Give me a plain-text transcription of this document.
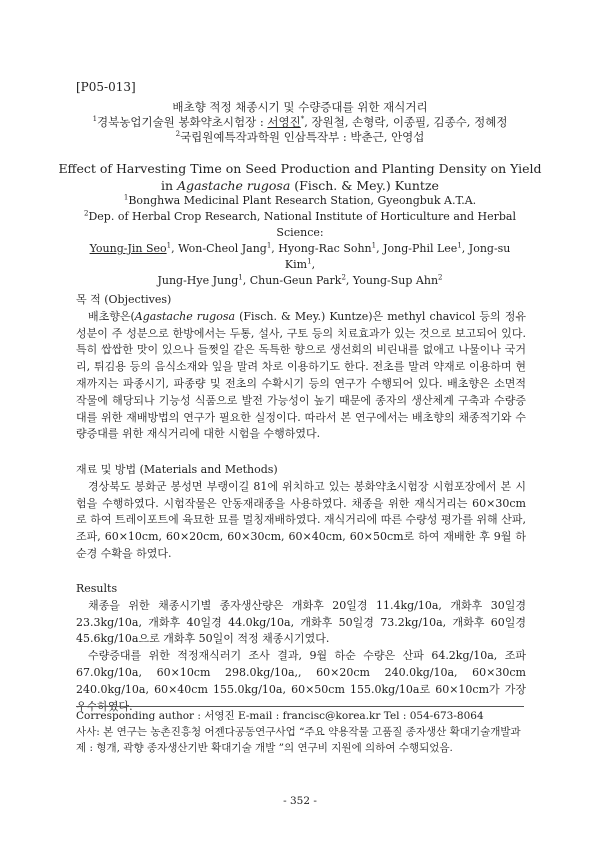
[P05-013]
배초향 적정 채종시기 및 수량증대를 위한 재식거리
$^1$경북농업기술원 봉화약초시험장 : 서영진*, 장원철, 손형락, 이종필, 김종수, 정혜정
$^2$국립원예특작과학원 인삼특작부 : 박춘근, 안영섭
Effect of Harvesting Time on Seed Production and Planting Density on Yield
in Agastache rugosa (Fisch. & Mey.) Kuntze
$^1$Bonghwa Medicinal Plant Research Station, Gyeongbuk A.T.A.
$^2$Dep. of Herbal Crop Research, National Institute of Horticulture and Herbal Science:
Young-Jin Seo$^1$, Won-Cheol Jang$^1$, Hyong-Rac Sohn$^1$, Jong-Phil Lee$^1$, Jong-su Kim$^1$,
Jung-Hye Jung$^1$, Chun-Geun Park$^2$, Young-Sup Ahn$^2$
목 적 (Objectives)

배초향은(Agastache rugosa (Fisch. & Mey.) Kuntze)은 methyl chavicol 등의 정유성분이 주 성분으로 한방에서는 두통, 설사, 구토 등의 치료효과가 있는 것으로 보고되어 있다. 특히 쌉쌉한 맛이 있으나 들쩟일 같은 독특한 향으로 생선회의 비린내를 없애고 나물이나 국거리, 튀김용 등의 음식소재와 잎을 말려 차로 이용하기도 한다. 전초를 말려 약재로 이용하며 현재까지는 파종시기, 파종량 및 전초의 수확시기 등의 연구가 수행되어 있다. 배초향은 소면적 작물에 해당되나 기능성 식품으로 발전 가능성이 높기 때문에 종자의 생산체계 구축과 수량증대를 위한 재배방법의 연구가 필요한 실정이다. 따라서 본 연구에서는 배초향의 채종적기와 수량증대를 위한 재식거리에 대한 시험을 수행하였다.

재료 및 방법 (Materials and Methods)

경상북도 봉화군 봉성면 부랭이길 81에 위치하고 있는 봉화약초시험장 시험포장에서 본 시험을 수행하였다. 시험작물은 안동재래종을 사용하였다. 채종을 위한 재식거리는 60×30cm로 하여 트레이포트에 육묘한 묘를 멀칭재배하였다. 재식거리에 따른 수량성 평가를 위해 산파, 조파, 60×10cm, 60×20cm, 60×30cm, 60×40cm, 60×50cm로 하여 재배한 후 9월 하순경 수확을 하였다.

Results

채종을 위한 채종시기별 종자생산량은 개화후 20일경 11.4kg/10a, 개화후 30일경 23.3kg/10a, 개화후 40일경 44.0kg/10a, 개화후 50일경 73.2kg/10a, 개화후 60일경 45.6kg/10a으로 개화후 50일이 적정 채종시기였다.

수량증대를 위한 적정재식러기 조사 결과, 9월 하순 수량은 산파 64.2kg/10a, 조파 67.0kg/10a, 60×10cm 298.0kg/10a,, 60×20cm 240.0kg/10a, 60×30cm 240.0kg/10a, 60×40cm 155.0kg/10a, 60×50cm 155.0kg/10a로 60×10cm가 가장 우수하였다.

Corresponding author : 서영진 E-mail : francisc@korea.kr Tel : 054-673-8064

사사: 본 연구는 농촌진흥청 어젠다공동연구사업 “주요 약용작물 고품질 종자생산 확대기술개발과제 : 형개, 곽향 종자생산기반 확대기술 개발 ”의 연구비 지원에 의하여 수행되었음.

- 352 -
